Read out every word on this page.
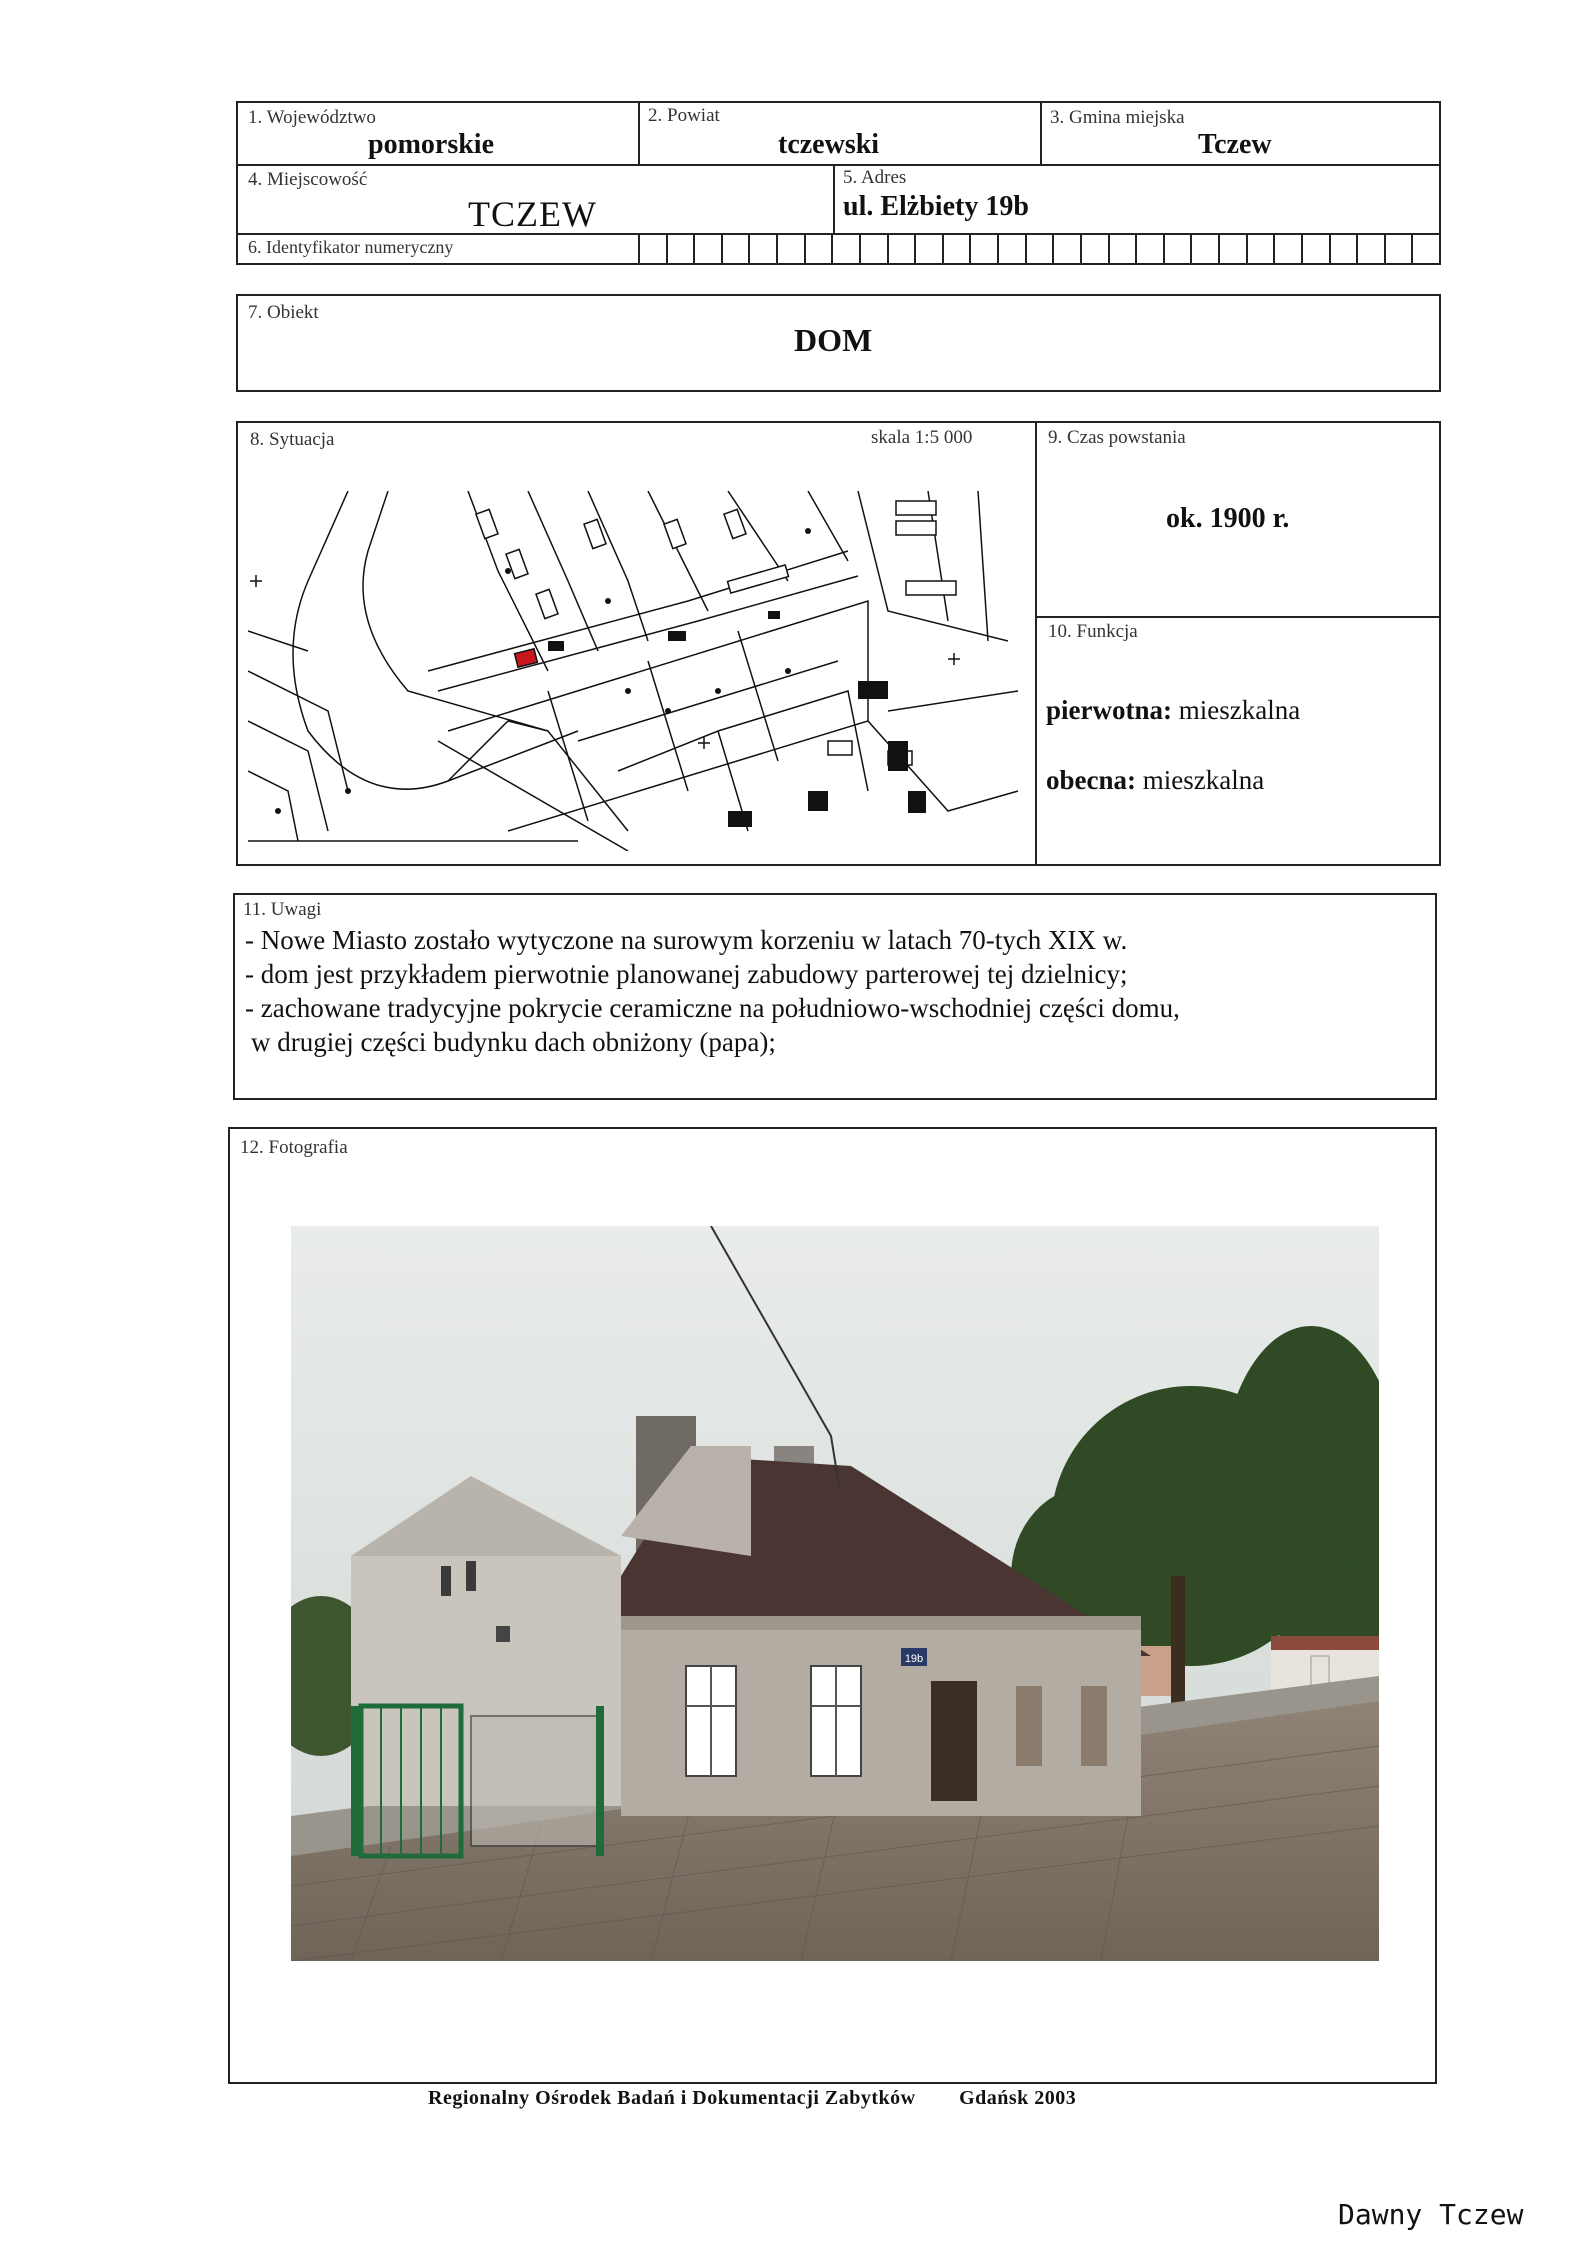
1. Województwo
pomorskie
2. Powiat
tczewski
3. Gmina miejska
Tczew
4. Miejscowość
TCZEW
5. Adres
ul. Elżbiety 19b
6. Identyfikator numeryczny
7. Obiekt
DOM
8. Sytuacja	skala 1:5 000	9. Czas powstania
ok. 1900 r.
10. Funkcja
pierwotna: mieszkalna
obecna: mieszkalna
11. Uwagi
- Nowe Miasto zostało wytyczone na surowym korzeniu w latach 70-tych XIX w.
- dom jest przykładem pierwotnie planowanej zabudowy parterowej tej dzielnicy;
- zachowane tradycyjne pokrycie ceramiczne na południowo-wschodniej części domu,
w drugiej części budynku dach obniżony (papa);
12. Fotografia
19b
Regionalny Ośrodek Badań i Dokumentacji Zabytków Gdańsk 2003
Dawny Tczew
